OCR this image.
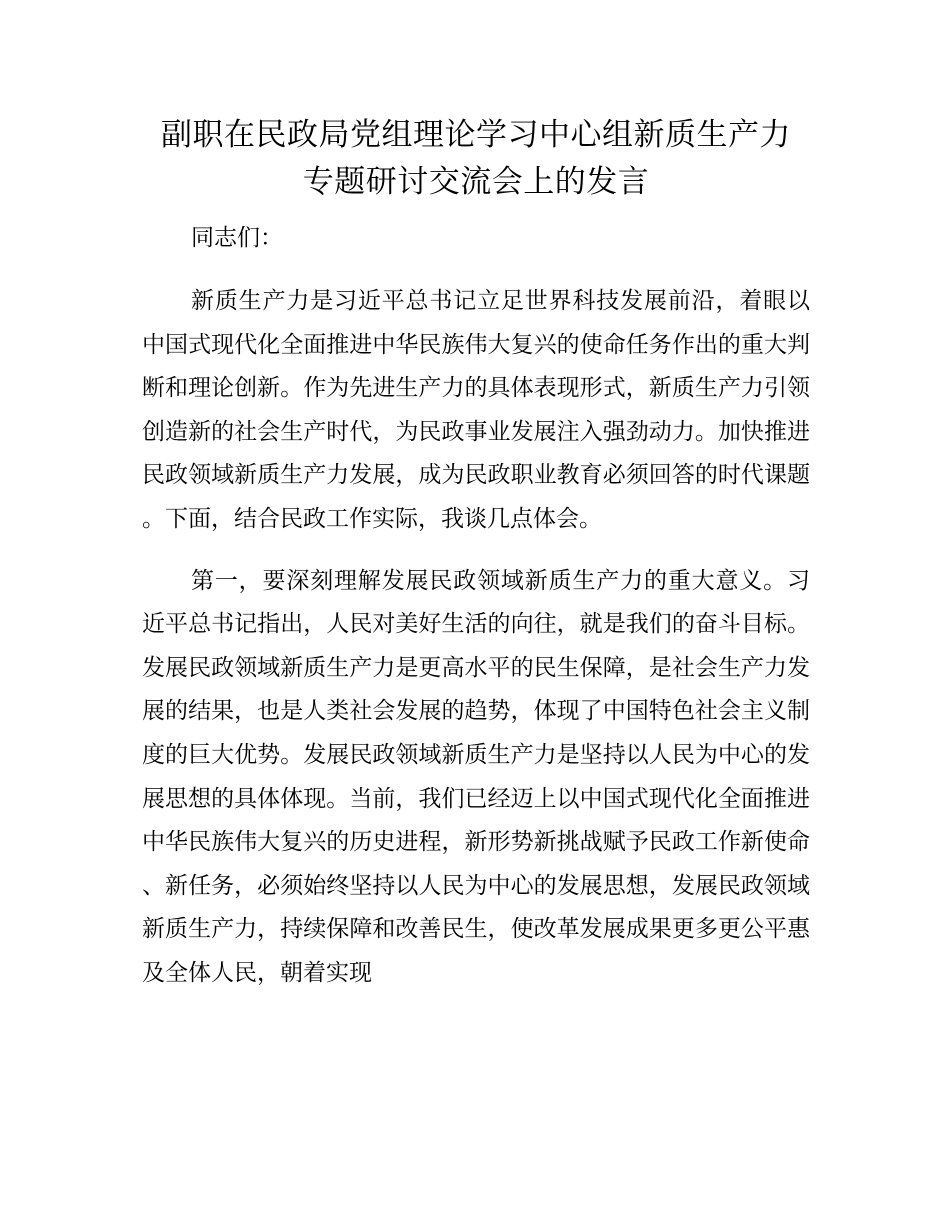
副职在民政局党组理论学习中心组新质生产力
专题研讨交流会上的发言

同志们：

新质生产力是习近平总书记立足世界科技发展前沿，着眼以中国式现代化全面推进中华民族伟大复兴的使命任务作出的重大判断和理论创新。作为先进生产力的具体表现形式，新质生产力引领创造新的社会生产时代，为民政事业发展注入强劲动力。加快推进民政领域新质生产力发展，成为民政职业教育必须回答的时代课题。下面，结合民政工作实际，我谈几点体会。

第一，要深刻理解发展民政领域新质生产力的重大意义。习近平总书记指出，人民对美好生活的向往，就是我们的奋斗目标。发展民政领域新质生产力是更高水平的民生保障，是社会生产力发展的结果，也是人类社会发展的趋势，体现了中国特色社会主义制度的巨大优势。发展民政领域新质生产力是坚持以人民为中心的发展思想的具体体现。当前，我们已经迈上以中国式现代化全面推进中华民族伟大复兴的历史进程，新形势新挑战赋予民政工作新使命、新任务，必须始终坚持以人民为中心的发展思想，发展民政领域新质生产力，持续保障和改善民生，使改革发展成果更多更公平惠及全体人民，朝着实现
